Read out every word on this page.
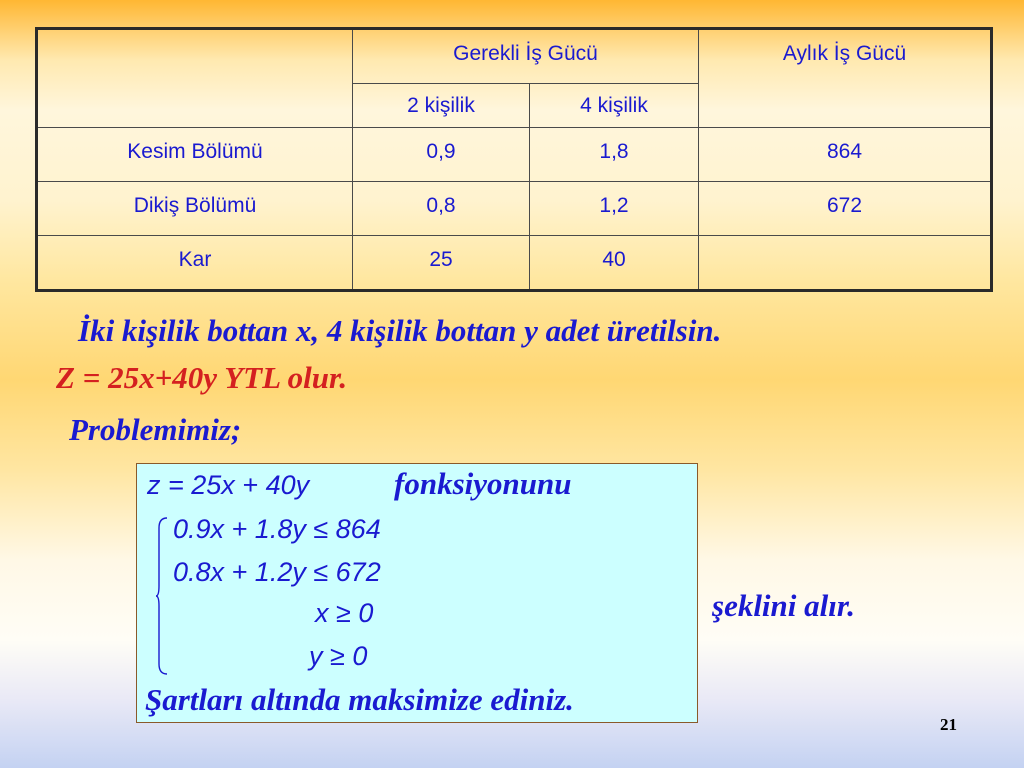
	Gerekli İş Gücü		Aylık İş Gücü
	2 kişilik	4 kişilik	
Kesim Bölümü	0,9	1,8	864
Dikiş Bölümü	0,8	1,2	672
Kar	25	40	
İki kişilik bottan x, 4 kişilik bottan y adet üretilsin.
Z = 25x+40y YTL olur.
Problemimiz;
z = 25x + 40y	fonksiyonunu
0.9x + 1.8y ≤ 864
0.8x + 1.2y ≤ 672
x ≥ 0
y ≥ 0
Şartları altında maksimize ediniz.
şeklini alır.
21
